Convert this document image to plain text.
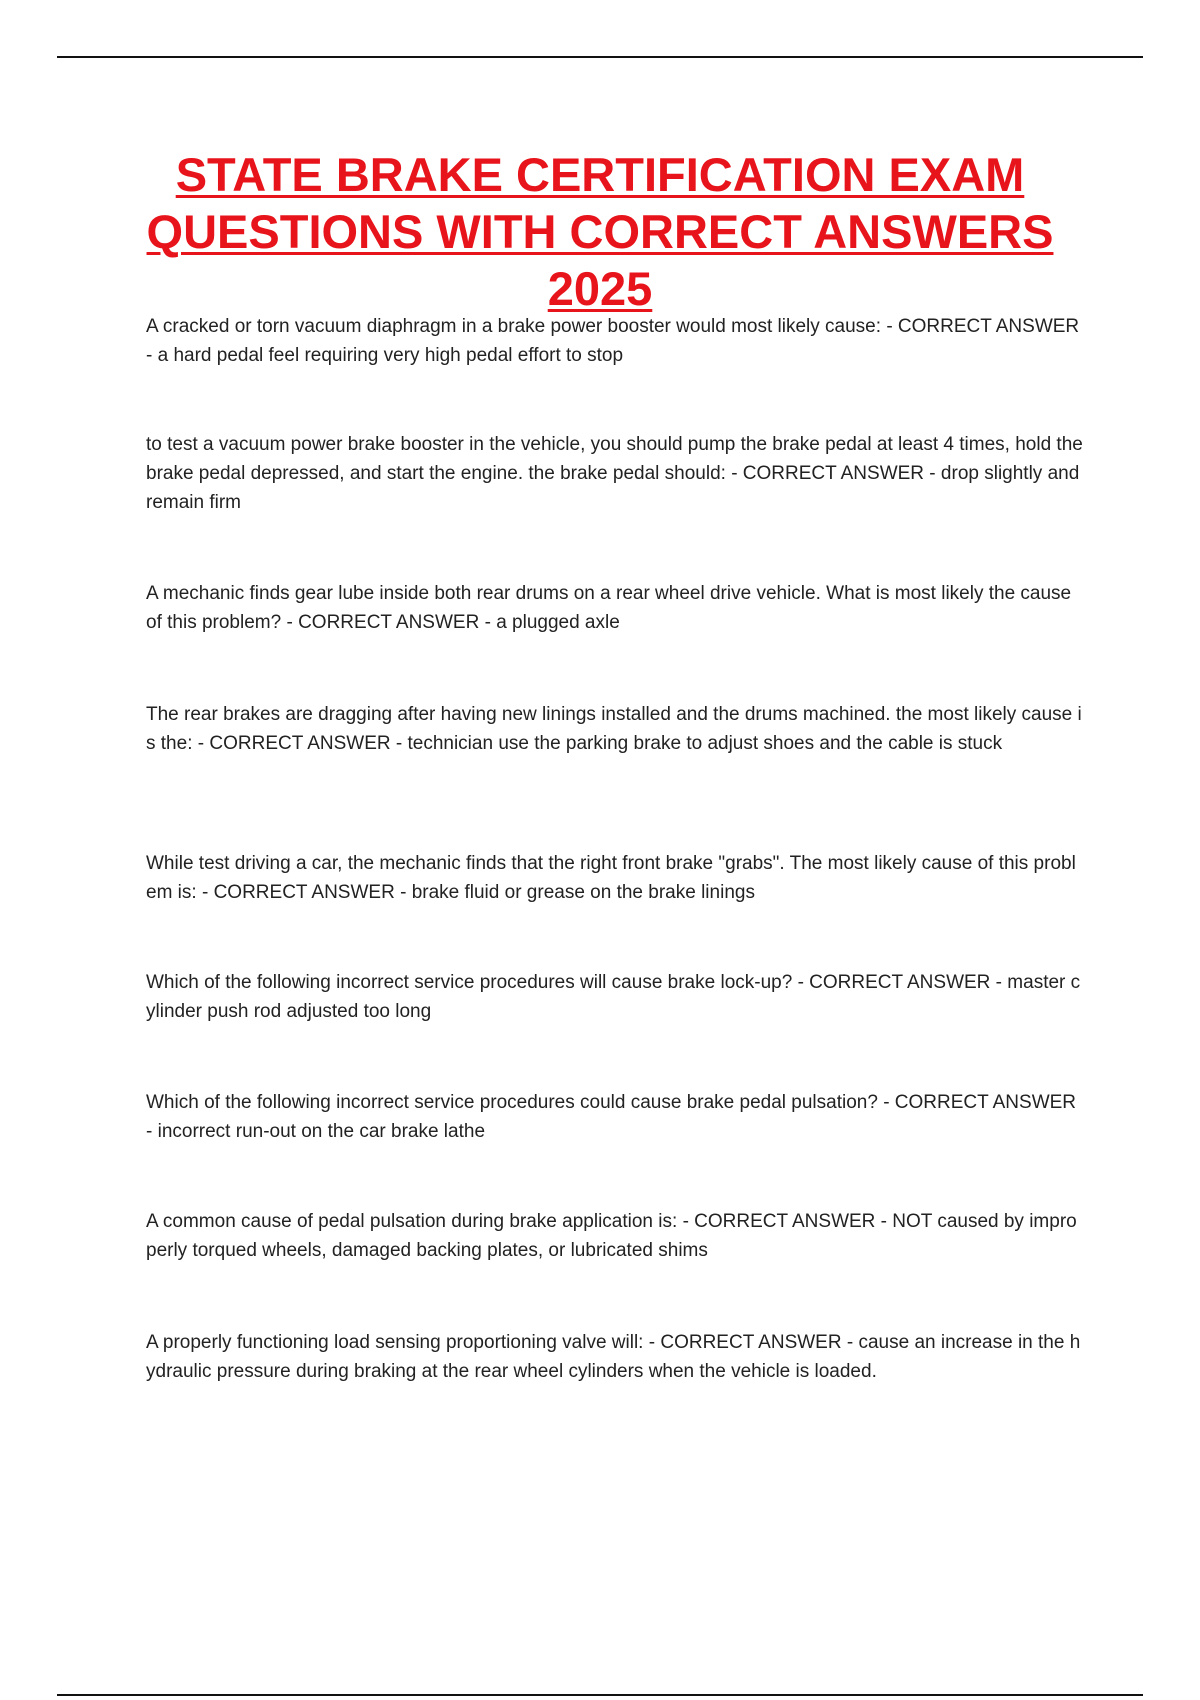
STATE BRAKE CERTIFICATION EXAM QUESTIONS WITH CORRECT ANSWERS 2025
A cracked or torn vacuum diaphragm in a brake power booster would most likely cause: - CORRECT ANSWER - a hard pedal feel requiring very high pedal effort to stop
to test a vacuum power brake booster in the vehicle, you should pump the brake pedal at least 4 times, hold the brake pedal depressed, and start the engine. the brake pedal should: - CORRECT ANSWER - drop slightly and remain firm
A mechanic finds gear lube inside both rear drums on a rear wheel drive vehicle. What is most likely the cause of this problem? - CORRECT ANSWER - a plugged axle
The rear brakes are dragging after having new linings installed and the drums machined. the most likely cause is the: - CORRECT ANSWER - technician use the parking brake to adjust shoes and the cable is stuck
While test driving a car, the mechanic finds that the right front brake "grabs". The most likely cause of this problem is: - CORRECT ANSWER - brake fluid or grease on the brake linings
Which of the following incorrect service procedures will cause brake lock-up? - CORRECT ANSWER - master cylinder push rod adjusted too long
Which of the following incorrect service procedures could cause brake pedal pulsation? - CORRECT ANSWER - incorrect run-out on the car brake lathe
A common cause of pedal pulsation during brake application is: - CORRECT ANSWER - NOT caused by improperly torqued wheels, damaged backing plates, or lubricated shims
A properly functioning load sensing proportioning valve will: - CORRECT ANSWER - cause an increase in the hydraulic pressure during braking at the rear wheel cylinders when the vehicle is loaded.
